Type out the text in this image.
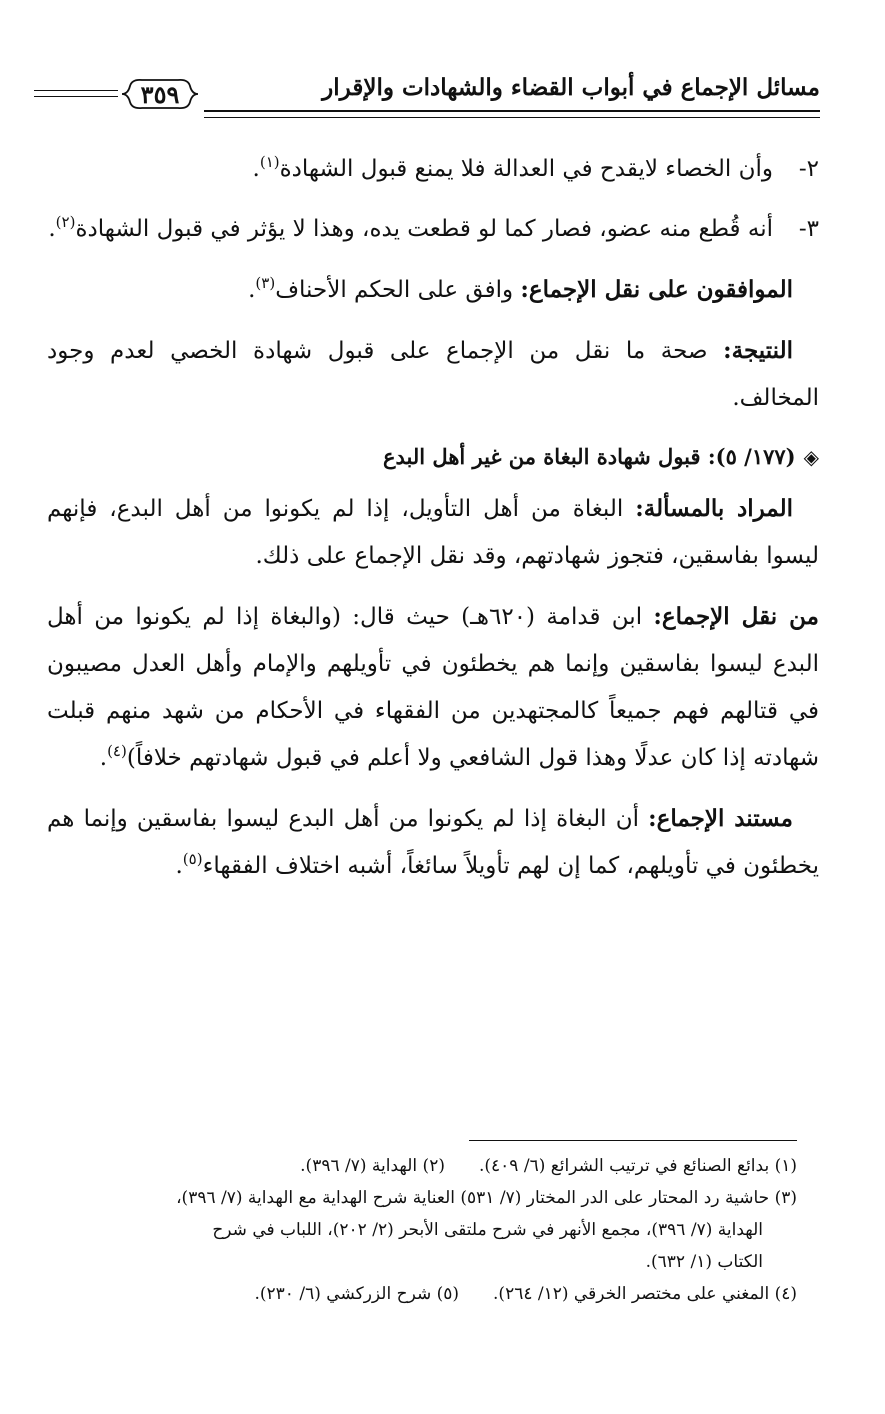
مسائل الإجماع في أبواب القضاء والشهادات والإقرار
٣٥٩

٢-
وأن الخصاء لايقدح في العدالة فلا يمنع قبول الشهادة$^{(١)}$.

٣-
أنه قُطع منه عضو، فصار كما لو قطعت يده، وهذا لا يؤثر في قبول الشهادة$^{(٢)}$.

الموافقون على نقل الإجماع: وافق على الحكم الأحناف$^{(٣)}$.

النتيجة: صحة ما نقل من الإجماع على قبول شهادة الخصي لعدم وجود المخالف.

◈(١٧٧/ ٥): قبول شهادة البغاة من غير أهل البدع

المراد بالمسألة: البغاة من أهل التأويل، إذا لم يكونوا من أهل البدع، فإنهم ليسوا بفاسقين، فتجوز شهادتهم، وقد نقل الإجماع على ذلك.

من نقل الإجماع: ابن قدامة (٦٢٠هـ) حيث قال: (والبغاة إذا لم يكونوا من أهل البدع ليسوا بفاسقين وإنما هم يخطئون في تأويلهم والإمام وأهل العدل مصيبون في قتالهم فهم جميعاً كالمجتهدين من الفقهاء في الأحكام من شهد منهم قبلت شهادته إذا كان عدلًا وهذا قول الشافعي ولا أعلم في قبول شهادتهم خلافاً)$^{(٤)}$.

مستند الإجماع: أن البغاة إذا لم يكونوا من أهل البدع ليسوا بفاسقين وإنما هم يخطئون في تأويلهم، كما إن لهم تأويلاً سائغاً، أشبه اختلاف الفقهاء$^{(٥)}$.

(١) بدائع الصنائع في ترتيب الشرائع (٦/ ٤٠٩).(٢) الهداية (٧/ ٣٩٦).
(٣) حاشية رد المحتار على الدر المختار (٧/ ٥٣١) العناية شرح الهداية مع الهداية (٧/ ٣٩٦)،
الهداية (٧/ ٣٩٦)، مجمع الأنهر في شرح ملتقى الأبحر (٢/ ٢٠٢)، اللباب في شرح
الكتاب (١/ ٦٣٢).
(٤) المغني على مختصر الخرقي (١٢/ ٢٦٤).(٥) شرح الزركشي (٦/ ٢٣٠).
